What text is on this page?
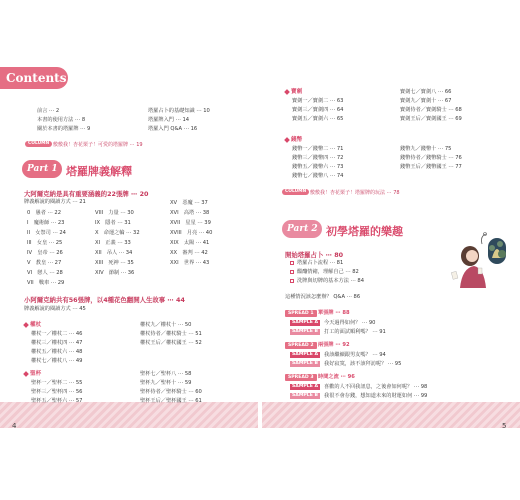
4	5
Contents
前言 ⋯ 2
本書的使用方法 ⋯ 8
關於本書的塔羅牌 ⋯ 9
塔羅占卜的基礎知識 ⋯ 10
塔羅牌入門 ⋯ 14
塔羅入門 Q&A ⋯ 16
COLUMN 敷敷我！杏花栗子！可愛的塔羅牌 ⋯ 19
Part 1 塔羅牌義解釋
大阿爾克納是具有重要涵義的22張牌 ⋯ 20
牌義解說的閱讀方式 ⋯ 21
0　 愚者 ⋯ 22
I　 魔術師 ⋯ 23
II　 女祭司 ⋯ 24
III　 女皇 ⋯ 25
IV　 皇帝 ⋯ 26
V　 教皇 ⋯ 27
VI　 戀人 ⋯ 28
VII　 戰車 ⋯ 29
VIII　 力量 ⋯ 30
IX　 隱者 ⋯ 31
X　 命運之輪 ⋯ 32
XI　 正義 ⋯ 33
XII　 吊人 ⋯ 34
XIII　 死神 ⋯ 35
XIV　 節制 ⋯ 36
XV　 惡魔 ⋯ 37
XVI　 高塔 ⋯ 38
XVII　 星星 ⋯ 39
XVIII　 月亮 ⋯ 40
XIX　 太陽 ⋯ 41
XX　 審判 ⋯ 42
XXI　 世界 ⋯ 43
小阿爾克納共有56張牌，以4種花色翻開人生故事 ⋯ 44
牌義解說的閱讀方式 ⋯ 45
權杖
權杖一／權杖二 ⋯ 46
權杖三／權杖四 ⋯ 47
權杖五／權杖六 ⋯ 48
權杖七／權杖八 ⋯ 49
權杖九／權杖十 ⋯ 50
權杖侍者／權杖騎士 ⋯ 51
權杖王后／權杖國王 ⋯ 52
聖杯
聖杯一／聖杯二 ⋯ 55
聖杯三／聖杯四 ⋯ 56
聖杯五／聖杯六 ⋯ 57
聖杯七／聖杯八 ⋯ 58
聖杯九／聖杯十 ⋯ 59
聖杯侍者／聖杯騎士 ⋯ 60
聖杯王后／聖杯國王 ⋯ 61
寶劍
寶劍一／寶劍二 ⋯ 63
寶劍三／寶劍四 ⋯ 64
寶劍五／寶劍六 ⋯ 65
寶劍七／寶劍八 ⋯ 66
寶劍九／寶劍十 ⋯ 67
寶劍侍者／寶劍騎士 ⋯ 68
寶劍王后／寶劍國王 ⋯ 69
錢幣
錢幣一／錢幣二 ⋯ 71
錢幣三／錢幣四 ⋯ 72
錢幣五／錢幣六 ⋯ 73
錢幣七／錢幣八 ⋯ 74
錢幣九／錢幣十 ⋯ 75
錢幣侍者／錢幣騎士 ⋯ 76
錢幣王后／錢幣國王 ⋯ 77
COLUMN 敷敷我！杏花栗子！塔羅牌的玩法 ⋯ 78
Part 2 初學塔羅的樂趣
開始塔羅占卜 ⋯ 80
塔羅占卜流程 ⋯ 81
醞釀情緒，理解自己 ⋯ 82
洗牌與切牌的基本方法 ⋯ 84
這種情況該怎麼辦？ Q&A ⋯ 86
SPREAD 1 單張牌 ⋯ 88
SAMPLE A	今天過得如何？ ⋯ 90
SAMPLE B	打工的面試順利嗎？ ⋯ 91
SPREAD 2 兩張牌 ⋯ 92
SAMPLE A	我該繼續跟男友嗎？ ⋯ 94
SAMPLE B	我好寂寞，該不該拜訪呢？ ⋯ 95
SPREAD 3 時間之流 ⋯ 96
SAMPLE A	喜歡的人不回我訊息，之後會如何呢？ ⋯ 98
SAMPLE B	我很不會存錢，想知道未來的財運如何 ⋯ 99
